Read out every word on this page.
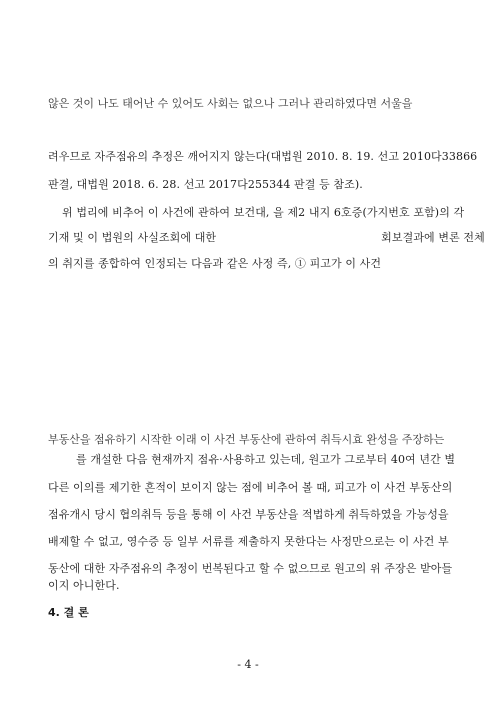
않은 것이 나도 태어난 수 있어도 사회는 없으나 그러나 관리하였다면 서울을
려우므로 자주점유의 추정은 깨어지지 않는다(대법원 2010. 8. 19. 선고 2010다33866
판결, 대법원 2018. 6. 28. 선고 2017다255344 판결 등 참조).
위 법리에 비추어 이 사건에 관하여 보건대, 을 제2 내지 6호증(가지번호 포함)의 각
기재 및 이 법원의 사실조회에 대한	회보결과에 변론 전체
의 취지를 종합하여 인정되는 다음과 같은 사정 즉, ① 피고가 이 사건
부동산을 점유하기 시작한 이래 이 사건 부동산에 관하여 취득시효 완성을 주장하는
를 개설한 다음 현재까지 점유·사용하고 있는데, 원고가 그로부터 40여 년간 별
다른 이의를 제기한 흔적이 보이지 않는 점에 비추어 볼 때, 피고가 이 사건 부동산의
점유개시 당시 협의취득 등을 통해 이 사건 부동산을 적법하게 취득하였을 가능성을
배제할 수 없고, 영수증 등 일부 서류를 제출하지 못한다는 사정만으로는 이 사건 부
동산에 대한 자주점유의 추정이 번복된다고 할 수 없으므로 원고의 위 주장은 받아들
이지 아니한다.
4. 결 론
- 4 -
